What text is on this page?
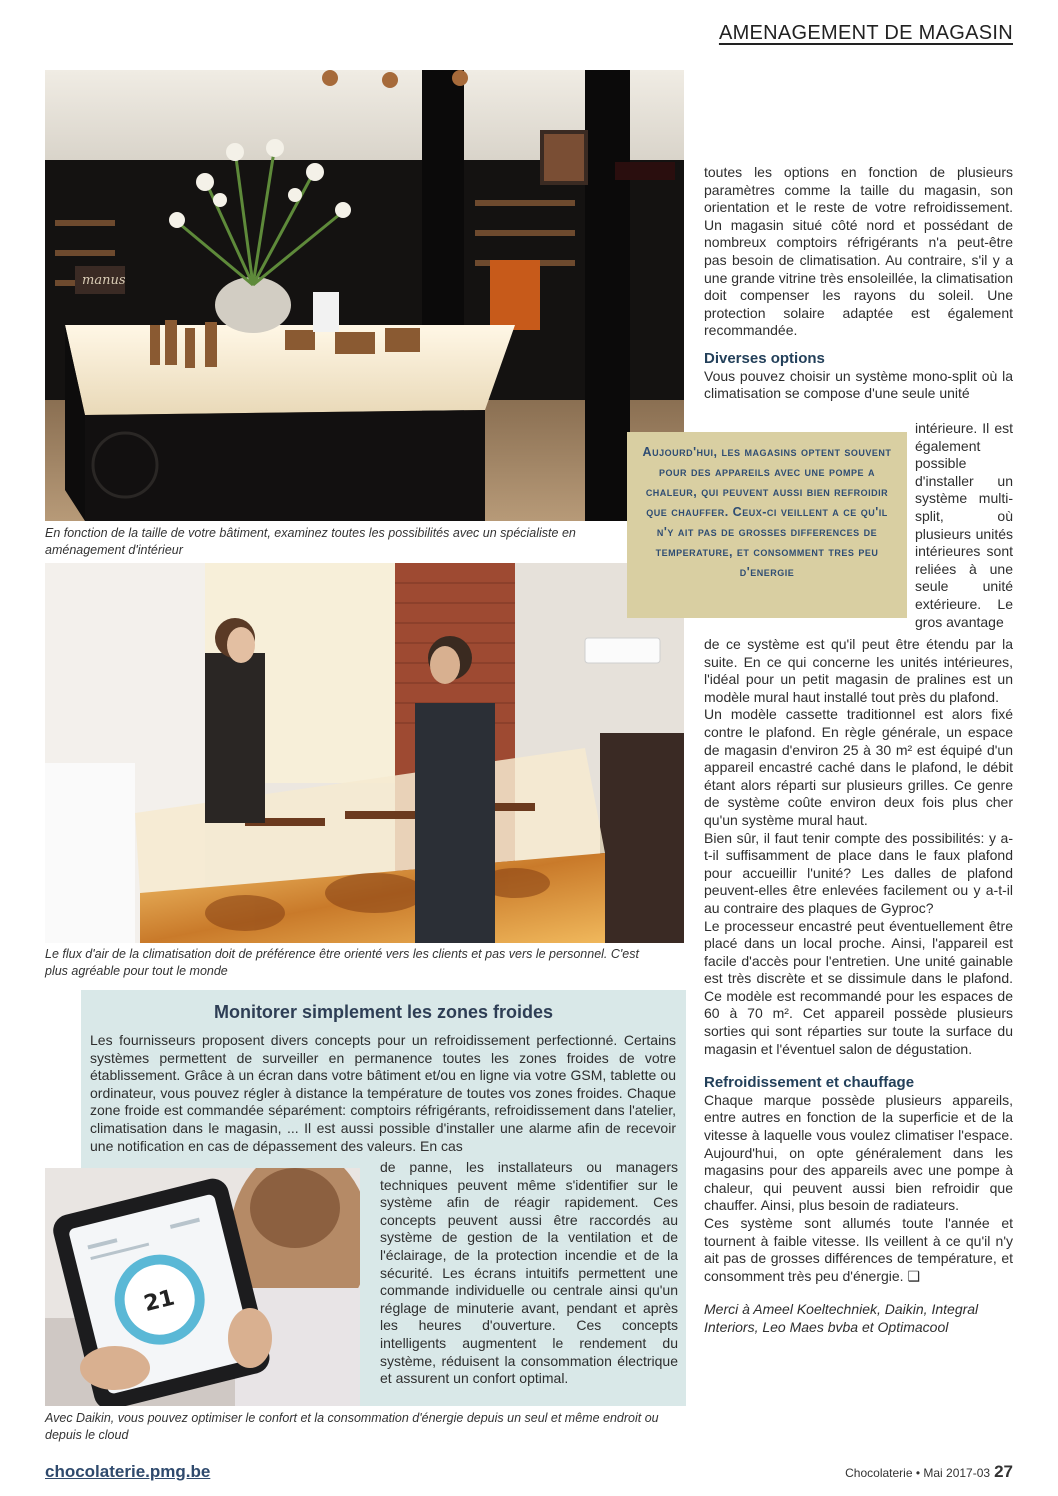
AMENAGEMENT DE MAGASIN
manus
En fonction de la taille de votre bâtiment, examinez toutes les possibilités avec un spécialiste en aménagement d'intérieur
Le flux d'air de la climatisation doit de préférence être orienté vers les clients et pas vers le personnel. C'est plus agréable pour tout le monde
Aujourd'hui, les magasins optent souvent pour des appareils avec une pompe a chaleur, qui peuvent aussi bien refroidir que chauffer. Ceux-ci veillent a ce qu'il n'y ait pas de grosses differences de temperature, et consomment tres peu d'energie

toutes les options en fonction de plusieurs paramètres comme la taille du magasin, son orientation et le reste de votre refroidissement. Un magasin situé côté nord et possédant de nombreux comptoirs réfrigérants n'a peut-être pas besoin de climatisation. Au contraire, s'il y a une grande vitrine très ensoleillée, la climatisation doit compenser les rayons du soleil. Une protection solaire adaptée est également recommandée.

Diverses options

Vous pouvez choisir un système mono-split où la climatisation se compose d'une seule unité

intérieure. Il est également possible d'installer un système multi-split, où plusieurs unités intérieures sont reliées à une seule unité extérieure. Le gros avantage

de ce système est qu'il peut être étendu par la suite. En ce qui concerne les unités intérieures, l'idéal pour un petit magasin de pralines est un modèle mural haut installé tout près du plafond.

Un modèle cassette traditionnel est alors fixé contre le plafond. En règle générale, un espace de magasin d'environ 25 à 30 m² est équipé d'un appareil encastré caché dans le plafond, le débit étant alors réparti sur plusieurs grilles. Ce genre de système coûte environ deux fois plus cher qu'un système mural haut.

Bien sûr, il faut tenir compte des possibilités: y a-t-il suffisamment de place dans le faux plafond pour accueillir l'unité? Les dalles de plafond peuvent-elles être enlevées facilement ou y a-t-il au contraire des plaques de Gyproc?

Le processeur encastré peut éventuellement être placé dans un local proche. Ainsi, l'appareil est facile d'accès pour l'entretien. Une unité gainable est très discrète et se dissimule dans le plafond. Ce modèle est recommandé pour les espaces de 60 à 70 m². Cet appareil possède plusieurs sorties qui sont réparties sur toute la surface du magasin et l'éventuel salon de dégustation.

Refroidissement et chauffage

Chaque marque possède plusieurs appareils, entre autres en fonction de la superficie et de la vitesse à laquelle vous voulez climatiser l'espace. Aujourd'hui, on opte généralement dans les magasins pour des appareils avec une pompe à chaleur, qui peuvent aussi bien refroidir que chauffer. Ainsi, plus besoin de radiateurs.

Ces système sont allumés toute l'année et tournent à faible vitesse. Ils veillent à ce qu'il n'y ait pas de grosses différences de température, et consomment très peu d'énergie. ❑

Merci à Ameel Koeltechniek, Daikin, Integral Interiors, Leo Maes bvba et Optimacool

Monitorer simplement les zones froides

Les fournisseurs proposent divers concepts pour un refroidissement perfectionné. Certains systèmes permettent de surveiller en permanence toutes les zones froides de votre établissement. Grâce à un écran dans votre bâtiment et/ou en ligne via votre GSM, tablette ou ordinateur, vous pouvez régler à distance la température de toutes vos zones froides. Chaque zone froide est commandée séparément: comptoirs réfrigérants, refroidissement dans l'atelier, climatisation dans le magasin, ... Il est aussi possible d'installer une alarme afin de recevoir une notification en cas de dépassement des valeurs. En cas

de panne, les installateurs ou managers techniques peuvent même s'identifier sur le système afin de réagir rapidement. Ces concepts peuvent aussi être raccordés au système de gestion de la ventilation et de l'éclairage, de la protection incendie et de la sécurité. Les écrans intuitifs permettent une commande individuelle ou centrale ainsi qu'un réglage de minuterie avant, pendant et après les heures d'ouverture. Ces concepts intelligents augmentent le rendement du système, réduisent la consommation électrique et assurent un confort optimal.

21
Avec Daikin, vous pouvez optimiser le confort et la consommation d'énergie depuis un seul et même endroit ou depuis le cloud
chocolaterie.pmg.be	Chocolaterie • Mai 2017-03 27
